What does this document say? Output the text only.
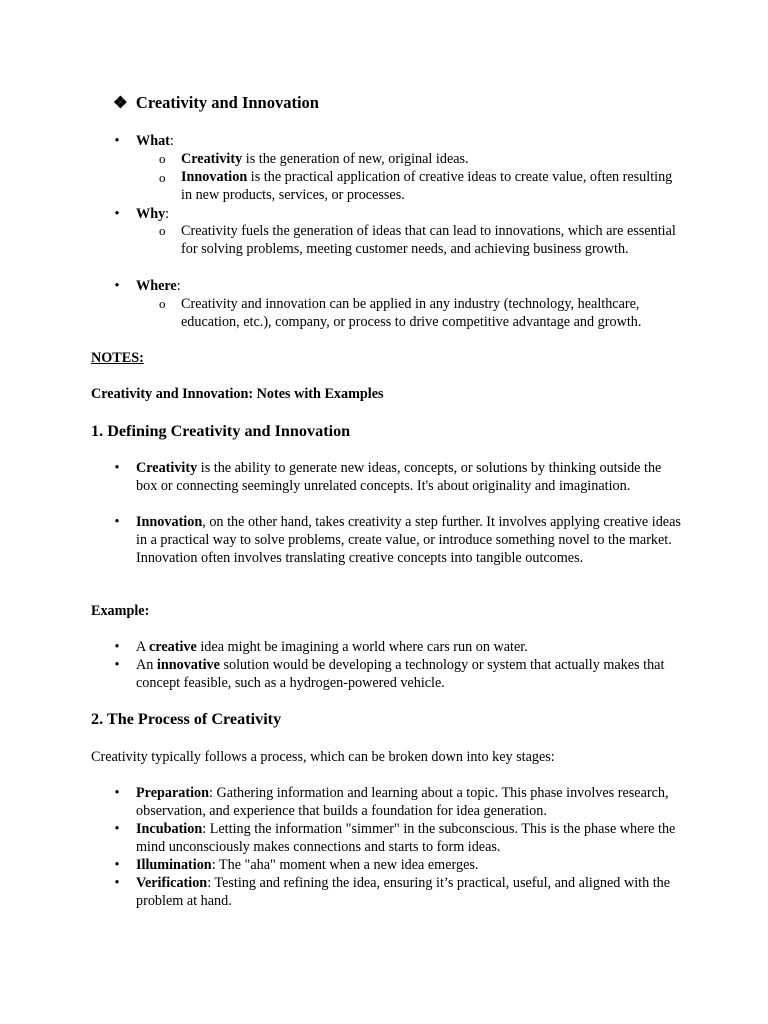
❖ Creativity and Innovation
• What:
o Creativity is the generation of new, original ideas.
o Innovation is the practical application of creative ideas to create value, often resulting in new products, services, or processes.
• Why:
o Creativity fuels the generation of ideas that can lead to innovations, which are essential for solving problems, meeting customer needs, and achieving business growth.
• Where:
o Creativity and innovation can be applied in any industry (technology, healthcare, education, etc.), company, or process to drive competitive advantage and growth.
NOTES:
Creativity and Innovation: Notes with Examples
1. Defining Creativity and Innovation
• Creativity is the ability to generate new ideas, concepts, or solutions by thinking outside the box or connecting seemingly unrelated concepts. It's about originality and imagination.
• Innovation, on the other hand, takes creativity a step further. It involves applying creative ideas in a practical way to solve problems, create value, or introduce something novel to the market. Innovation often involves translating creative concepts into tangible outcomes.
Example:
• A creative idea might be imagining a world where cars run on water.
• An innovative solution would be developing a technology or system that actually makes that concept feasible, such as a hydrogen-powered vehicle.
2. The Process of Creativity
Creativity typically follows a process, which can be broken down into key stages:
• Preparation: Gathering information and learning about a topic. This phase involves research, observation, and experience that builds a foundation for idea generation.
• Incubation: Letting the information "simmer" in the subconscious. This is the phase where the mind unconsciously makes connections and starts to form ideas.
• Illumination: The "aha" moment when a new idea emerges.
• Verification: Testing and refining the idea, ensuring it’s practical, useful, and aligned with the problem at hand.
